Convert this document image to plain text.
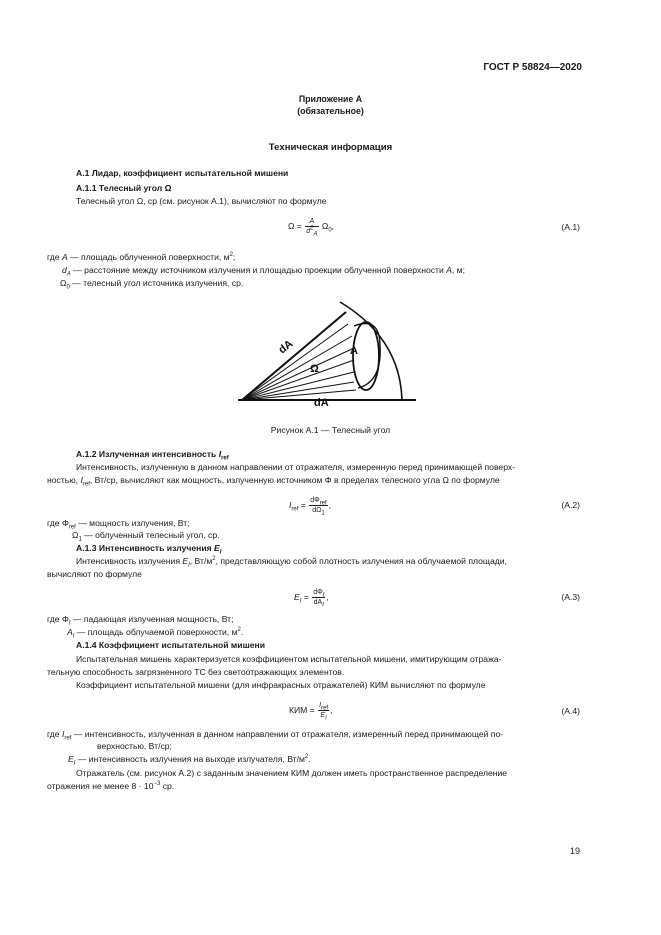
ГОСТ Р 58824—2020
Приложение А
(обязательное)
Техническая информация
А.1 Лидар, коэффициент испытательной мишени
А.1.1 Телесный угол Ω
Телесный угол Ω, ср (см. рисунок А.1), вычисляют по формуле
$\Omega = \frac{A}{d^2_A} \Omega_0$,	(A.1)
где A — площадь облученной поверхности, $м^2$;
$d_A$ — расстояние между источником излучения и площадью проекции облученной поверхности A, м;
$\Omega_0$ — телесный угол источника излучения, ср.
dA	A
Ω
dA
Рисунок А.1 — Телесный угол
А.1.2 Излученная интенсивность $I_{ref}$
Интенсивность, излученную в данном направлении от отражателя, измеренную перед принимающей поверх-
ностью, $I_{ref}$, Вт/ср, вычисляют как мощность, излученную источником Φ в пределах телесного угла Ω по формуле
$I_{ref} = \frac{d\Phi_{ref}}{d\Omega_1}$ ,	(A.2)
где $\Phi_{ref}$ — мощность излучения, Вт;
$\Omega_1$ — облученный телесный угол, ср.
А.1.3 Интенсивность излучения $E_I$
Интенсивность излучения $E_I$, $Вт/м^2$, представляющую собой плотность излучения на облучаемой площади,
вычисляют по формуле
$E_I = \frac{d\Phi_I}{dA_I}$ ,	(A.3)
где $\Phi_I$ — падающая излученная мощность, Вт;
$A_I$ — площадь облучаемой поверхности, $м^2$.
А.1.4 Коэффициент испытательной мишени
Испытательная мишень характеризуется коэффициентом испытательной мишени, имитирующим отража-
тельную способность загрязненного ТС без светоотражающих элементов.
Коэффициент испытательной мишени (для инфракрасных отражателей) КИМ вычисляют по формуле
КИМ = $\frac{I_{ref}}{E_I}$ ,	(A.4)
где $I_{ref}$ — интенсивность, излученная в данном направлении от отражателя, измеренный перед принимающей по-
верхностью, Вт/ср;
$E_I$ — интенсивность излучения на выходе излучателя, $Вт/м^2$.
Отражатель (см. рисунок А.2) с заданным значением КИМ должен иметь пространственное распределение
отражения не менее $8 \cdot 10^{-3}$ ср.
19
